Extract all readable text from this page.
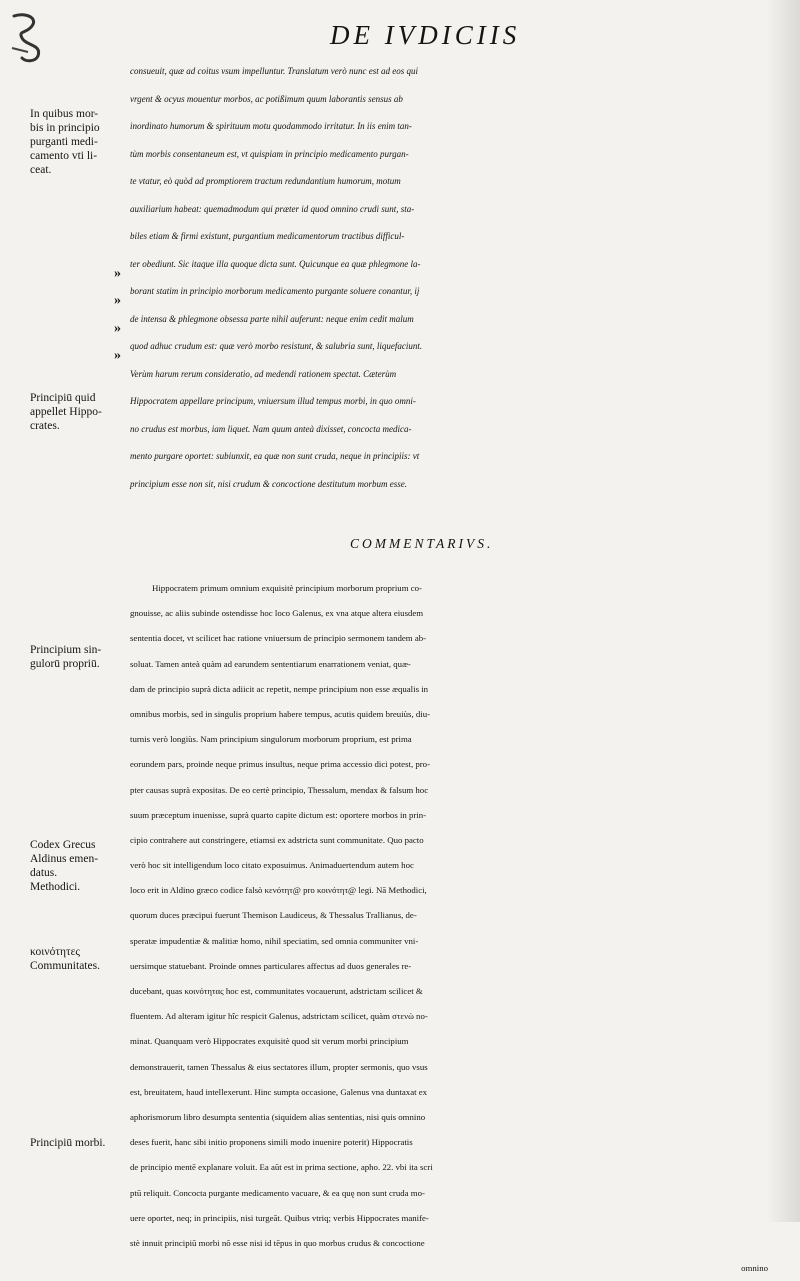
DE IVDICIIS
In quibus mor-
bis in principio
purganti medi-
camento vti li-
ceat.
Principiū quid
appellet Hippo-
crates.
Principium sin-
gulorū propriū.
Codex Grecus
Aldinus emen-
datus.
Methodici.
κοινότητες
Communitates.
Principiū morbi.
»
»
»
»
consueuit, quæ ad coitus vsum impelluntur. Translatum verò nunc est ad eos qui
vrgent & ocyus mouentur morbos, ac potißimum quum laborantis sensus ab
inordinato humorum & spirituum motu quodammodo irritatur. In iis enim tan-
tùm morbis consentaneum est, vt quispiam in principio medicamento purgan-
te vtatur, eò quòd ad promptiorem tractum redundantium humorum, motum
auxiliarium habeat: quemadmodum qui præter id quod omnino crudi sunt, sta-
biles etiam & firmi existunt, purgantium medicamentorum tractibus difficul-
ter obediunt. Sic itaque illa quoque dicta sunt. Quicunque ea quæ phlegmone la-
borant statim in principio morborum medicamento purgante soluere conantur, ij
de intensa & phlegmone obsessa parte nihil auferunt: neque enim cedit malum
quod adhuc crudum est: quæ verò morbo resistunt, & salubria sunt, liquefaciunt.
Verùm harum rerum consideratio, ad medendi rationem spectat. Cæterùm
Hippocratem appellare principum, vniuersum illud tempus morbi, in quo omni-
no crudus est morbus, iam liquet. Nam quum anteà dixisset, concocta medica-
mento purgare oportet: subiunxit, ea quæ non sunt cruda, neque in principiis: vt
principium esse non sit, nisi crudum & concoctione destitutum morbum esse.
COMMENTARIVS.
Hippocratem primum omnium exquisitè principium morborum proprium co-
gnouisse, ac aliis subinde ostendisse hoc loco Galenus, ex vna atque altera eiusdem
sententia docet, vt scilicet hac ratione vniuersum de principio sermonem tandem ab-
soluat. Tamen anteà quàm ad earundem sententiarum enarrationem veniat, quæ-
dam de principio suprà dicta adiicit ac repetit, nempe principium non esse æqualis in
omnibus morbis, sed in singulis proprium habere tempus, acutis quidem breuiùs, diu-
turnis verò longiùs. Nam principium singulorum morborum proprium, est prima
eorundem pars, proinde neque primus insultus, neque prima accessio dici potest, pro-
pter causas suprà expositas. De eo certè principio, Thessalum, mendax & falsum hoc
suum præceptum inuenisse, suprà quarto capite dictum est: oportere morbos in prin-
cipio contrahere aut constringere, etiamsi ex adstricta sunt communitate. Quo pacto
verò hoc sit intelligendum loco citato exposuimus. Animaduertendum autem hoc
loco erit in Aldino græco codice falsò κενότητ@ pro κοινότητ@ legi. Nā Methodici,
quorum duces præcipui fuerunt Themison Laudiceus, & Thessalus Trallianus, de-
speratæ impudentiæ & malitiæ homo, nihil speciatim, sed omnia communiter vni-
uersimque statuebant. Proinde omnes particulares affectus ad duos generales re-
ducebant, quas κοινότητας hoc est, communitates vocauerunt, adstrictam scilicet &
fluentem. Ad alteram igitur hîc respicit Galenus, adstrictam scilicet, quàm στενὼ no-
minat. Quanquam verò Hippocrates exquisitè quod sit verum morbi principium
demonstrauerit, tamen Thessalus & eius sectatores illum, propter sermonis, quo vsus
est, breuitatem, haud intellexerunt. Hinc sumpta occasione, Galenus vna duntaxat ex
aphorismorum libro desumpta sententia (siquidem alias sententias, nisi quis omnino
deses fuerit, hanc sibi initio proponens simili modo inuenire poterit) Hippocratis
de principio mentē explanare voluit. Ea aūt est in prima sectione, apho. 22. vbi ita scri
ptū reliquit. Concocta purgante medicamento vacuare, & ea quę non sunt cruda mo-
uere oportet, neq; in principiis, nisi turgeāt. Quibus vtriq; verbis Hippocrates manife-
stè innuit principiū morbi nō esse nisi id tēpus in quo morbus crudus & concoctione
omnino
